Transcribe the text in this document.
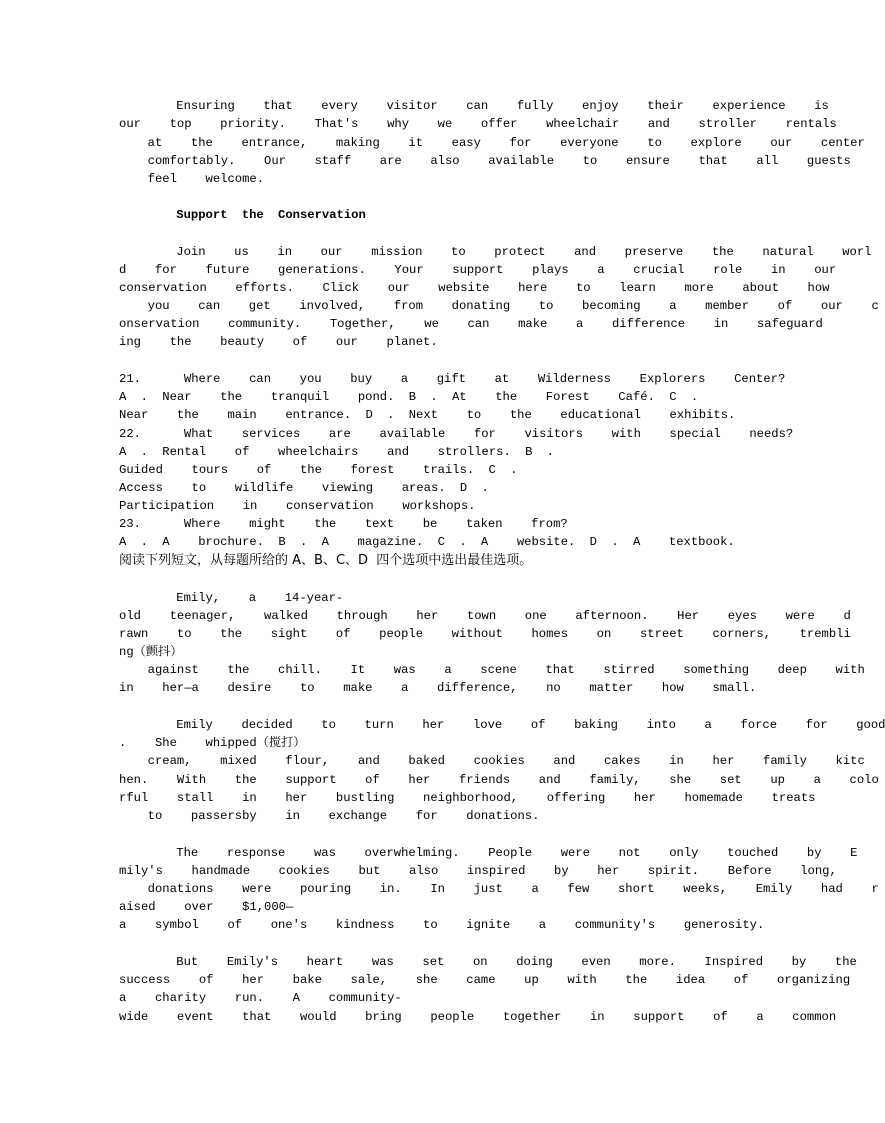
Ensuring  that  every  visitor  can  fully  enjoy  their  experience  is
our  top  priority.  That's  why  we  offer  wheelchair  and  stroller  rentals
at  the  entrance,  making  it  easy  for  everyone  to  explore  our  center
comfortably.  Our  staff  are  also  available  to  ensure  that  all  guests
feel  welcome.
Support the Conservation
Join  us  in  our  mission  to  protect  and  preserve  the  natural  worl
d  for  future  generations.  Your  support  plays  a  crucial  role  in  our
conservation  efforts.  Click  our  website  here  to  learn  more  about  how
you  can  get  involved,  from  donating  to  becoming  a  member  of  our  c
onservation  community.  Together,  we  can  make  a  difference  in  safeguard
ing  the  beauty  of  our  planet.
21.   Where  can  you  buy  a  gift  at  Wilderness  Explorers  Center?
A . Near  the  tranquil  pond. B . At  the  Forest  Café. C .
Near  the  main  entrance. D . Next  to  the  educational  exhibits.
22.   What  services  are  available  for  visitors  with  special  needs?
A . Rental  of  wheelchairs  and  strollers. B .
Guided  tours  of  the  forest  trails. C .
Access  to  wildlife  viewing  areas. D .
Participation  in  conservation  workshops.
23.   Where  might  the  text  be  taken  from?
A . A  brochure. B . A  magazine. C . A  website. D . A  textbook.
阅读下列短文，从每题所给的 A、B、C、D  四个选项中选出最佳选项。
Emily,  a  14-year-
old  teenager,  walked  through  her  town  one  afternoon.  Her  eyes  were  d
rawn  to  the  sight  of  people  without  homes  on  street  corners,  trembli
ng（颤抖）
against  the  chill.  It  was  a  scene  that  stirred  something  deep  with
in  her—a  desire  to  make  a  difference,  no  matter  how  small.
Emily  decided  to  turn  her  love  of  baking  into  a  force  for  good
.  She  whipped（搅打）
cream,  mixed  flour,  and  baked  cookies  and  cakes  in  her  family  kitc
hen.  With  the  support  of  her  friends  and  family,  she  set  up  a  colo
rful  stall  in  her  bustling  neighborhood,  offering  her  homemade  treats
to  passersby  in  exchange  for  donations.
The  response  was  overwhelming.  People  were  not  only  touched  by  E
mily's  handmade  cookies  but  also  inspired  by  her  spirit.  Before  long,
donations  were  pouring  in.  In  just  a  few  short  weeks,  Emily  had  r
aised  over  $1,000—
a  symbol  of  one's  kindness  to  ignite  a  community's  generosity.
But  Emily's  heart  was  set  on  doing  even  more.  Inspired  by  the
success  of  her  bake  sale,  she  came  up  with  the  idea  of  organizing
a  charity  run.  A  community-
wide  event  that  would  bring  people  together  in  support  of  a  common
